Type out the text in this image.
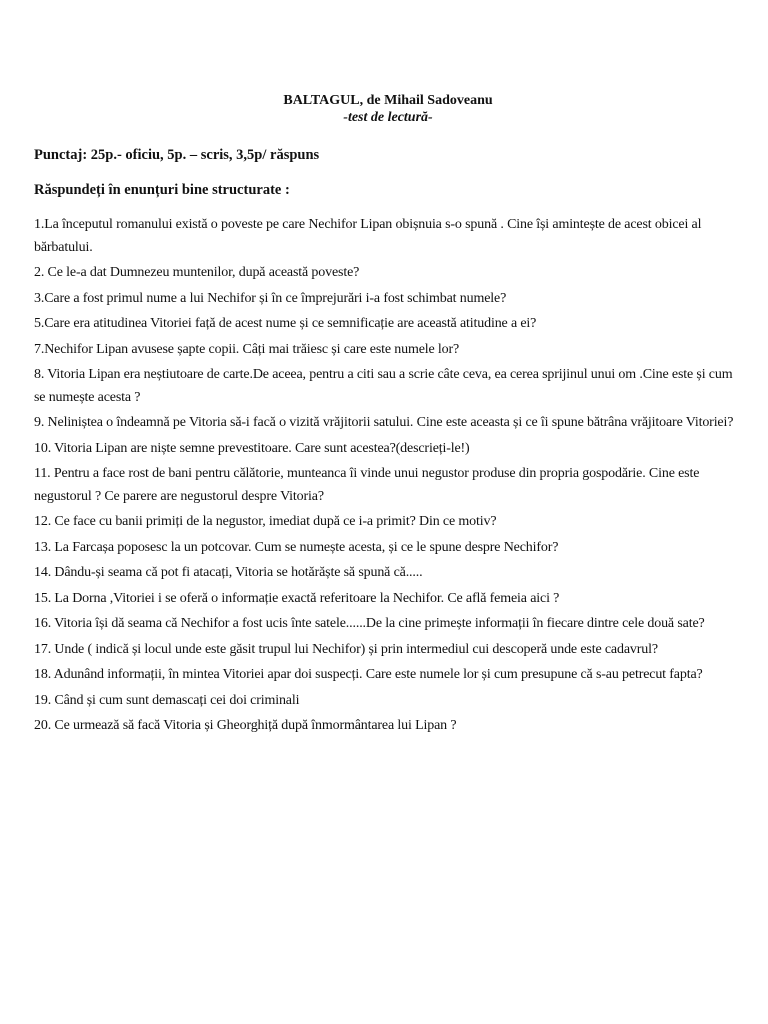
BALTAGUL, de Mihail Sadoveanu
-test de lectură-
Punctaj: 25p.- oficiu, 5p. – scris, 3,5p/ răspuns
Răspundeți în enunțuri bine structurate :
1.La începutul romanului există o poveste pe care Nechifor Lipan obișnuia s-o spună . Cine își amintește de acest obicei al bărbatului.
2. Ce le-a dat Dumnezeu muntenilor, după această poveste?
3.Care a fost primul nume a lui Nechifor și în ce împrejurări i-a fost schimbat numele?
5.Care era atitudinea Vitoriei față de acest nume și ce semnificație are această atitudine a ei?
7.Nechifor Lipan avusese șapte copii. Câți mai trăiesc și care este numele lor?
8. Vitoria Lipan era neștiutoare de carte.De aceea, pentru a citi sau a scrie câte ceva, ea cerea sprijinul unui om .Cine este și cum se numește acesta ?
9. Neliniștea o îndeamnă pe Vitoria să-i facă o vizită vrăjitorii satului. Cine este aceasta și ce îi spune bătrâna vrăjitoare Vitoriei?
10. Vitoria Lipan are niște semne prevestitoare. Care sunt acestea?(descrieți-le!)
11. Pentru a face rost de bani pentru călătorie, munteanca îi vinde unui negustor produse din propria gospodărie. Cine este negustorul ? Ce parere are negustorul despre Vitoria?
12. Ce face cu banii primiți de la negustor, imediat după ce i-a primit? Din ce motiv?
13. La Farcașa poposesc la un potcovar. Cum se numește acesta, și ce le spune despre Nechifor?
14. Dându-și seama că pot fi atacați, Vitoria se hotărăște să spună că.....
15. La Dorna ,Vitoriei i se oferă o informație exactă referitoare la Nechifor. Ce află femeia aici ?
16. Vitoria își dă seama că Nechifor a fost ucis înte satele......De la cine primește informații în fiecare dintre cele două sate?
17. Unde ( indică și locul unde este găsit trupul lui Nechifor) și prin intermediul cui descoperă unde este cadavrul?
18. Adunând informații, în mintea Vitoriei apar doi suspecți. Care este numele lor și cum presupune că s-au petrecut fapta?
19. Când și cum sunt demascați cei doi criminali
20. Ce urmează să facă Vitoria și Gheorghiță după înmormântarea lui Lipan ?
